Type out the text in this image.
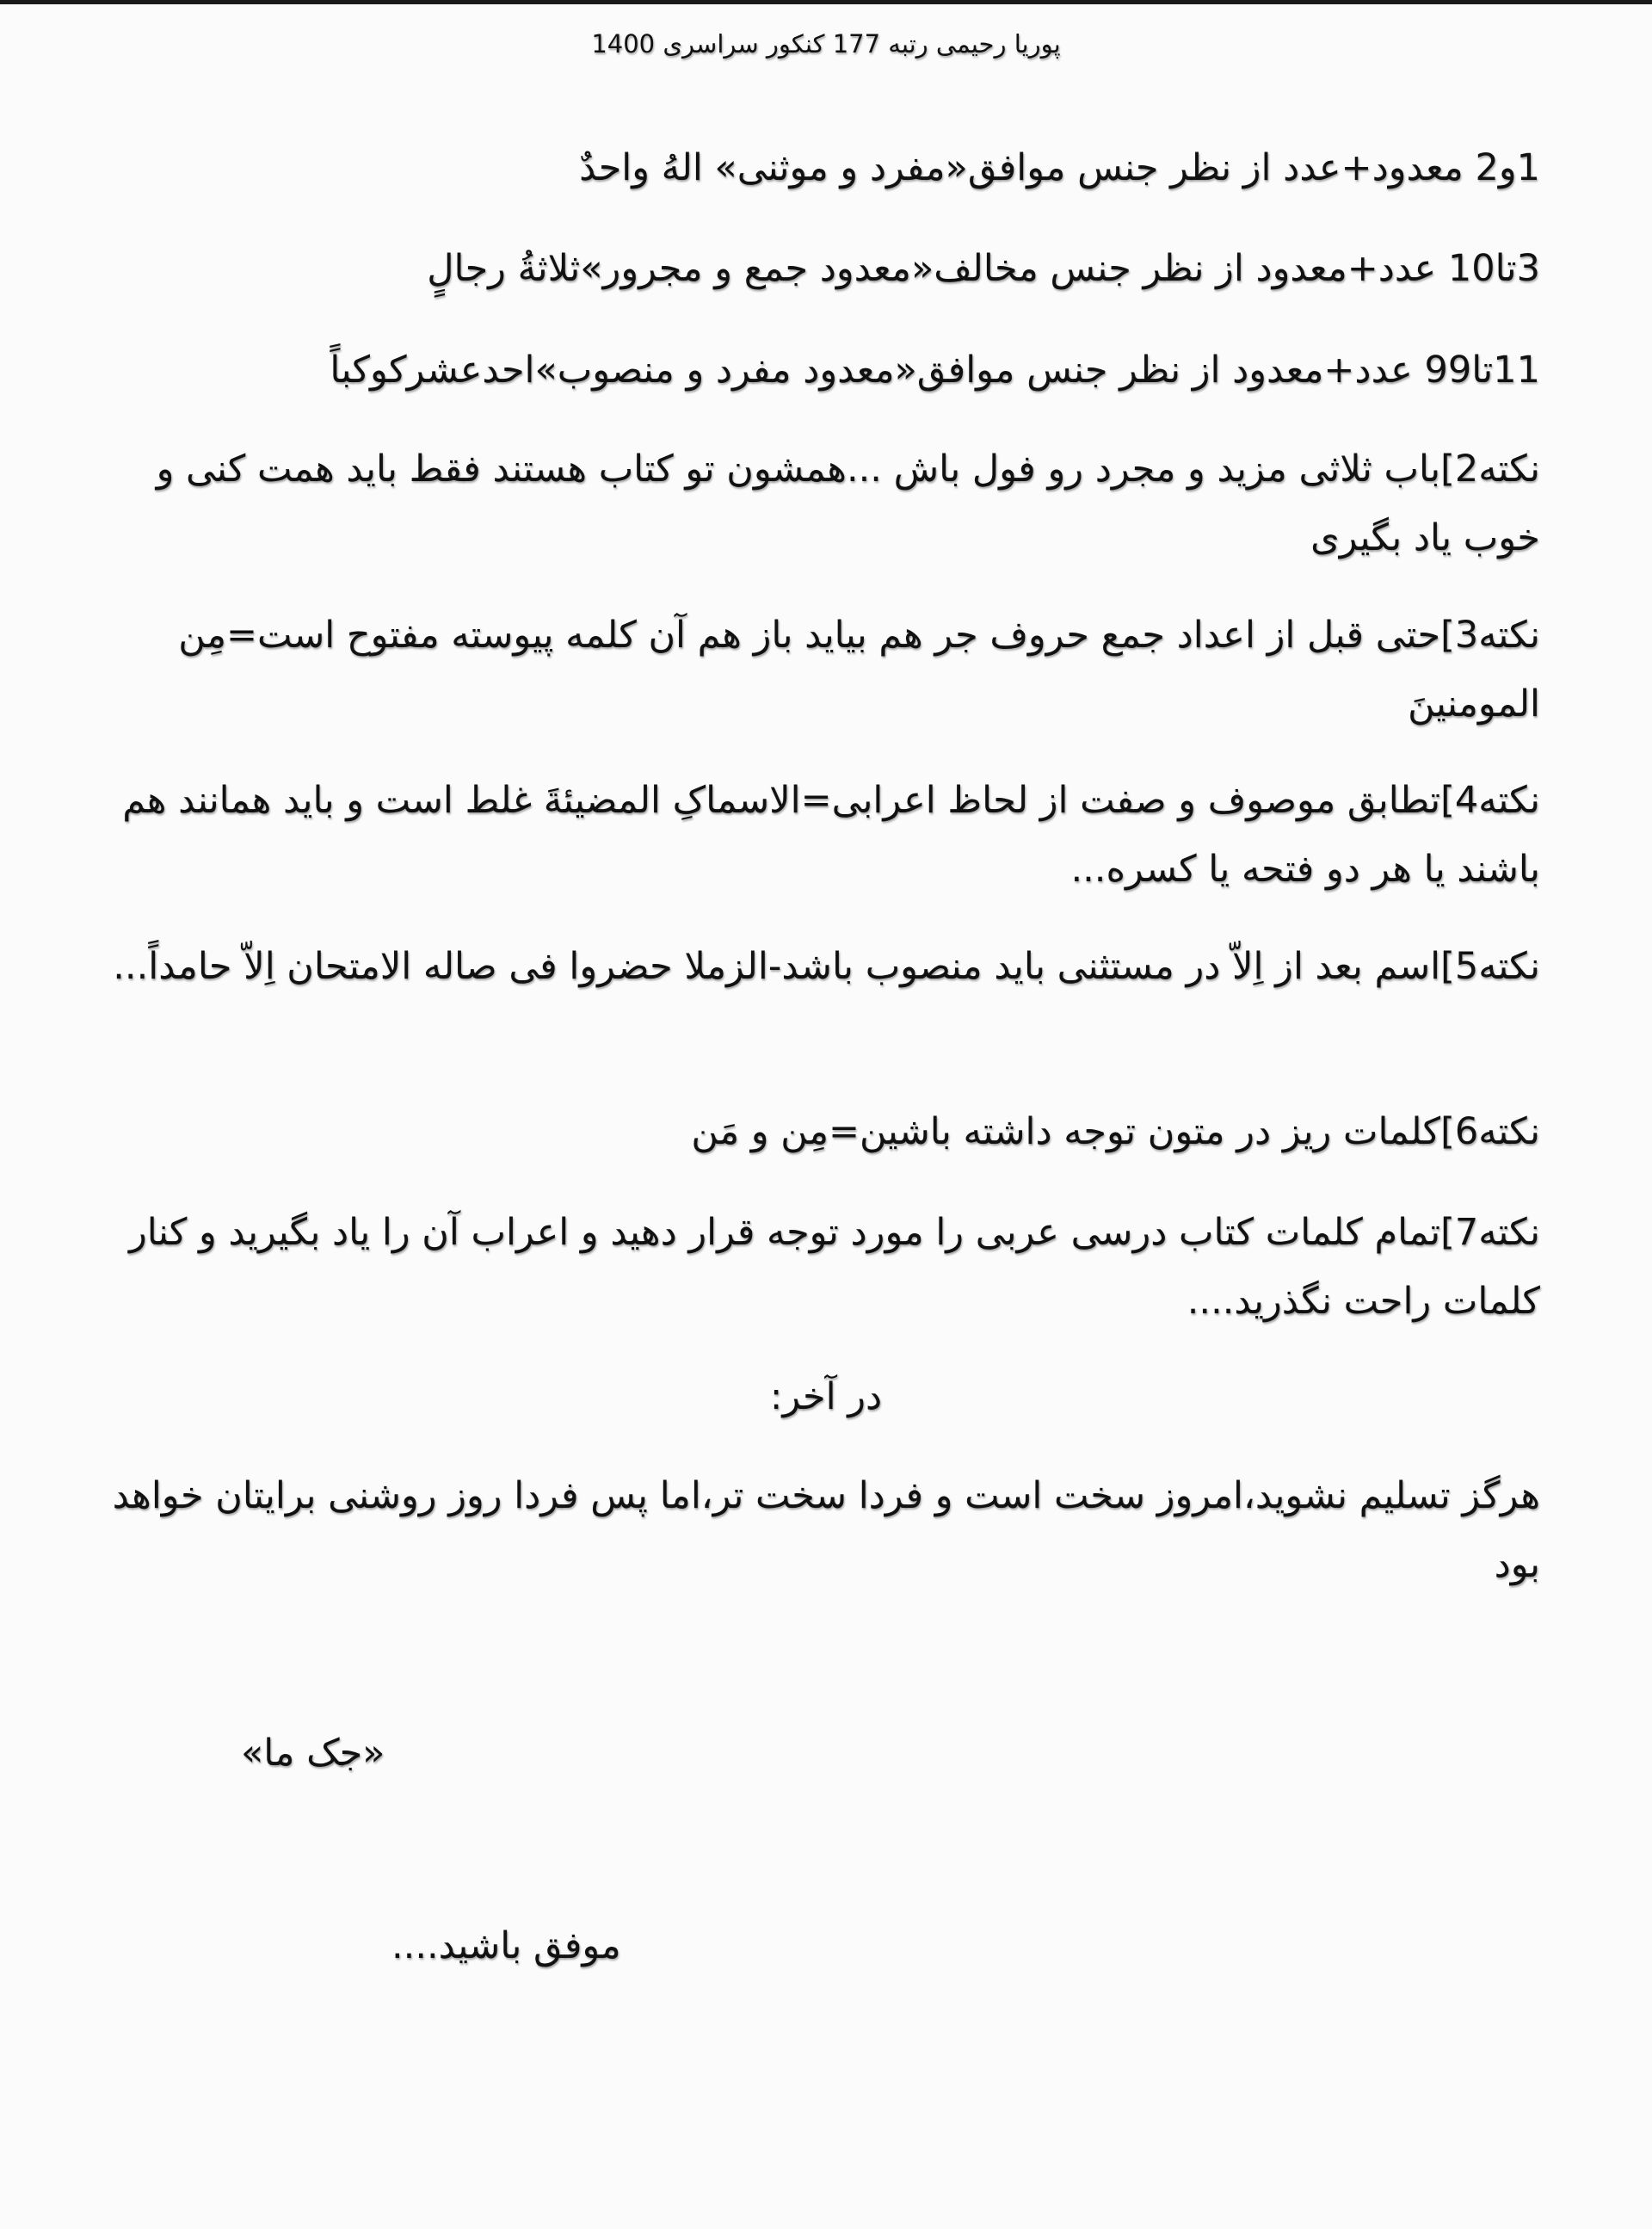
پوریا رحیمی رتبه 177 کنکور سراسری 1400
1و2 معدود+عدد از نظر جنس موافق«مفرد و موثنی» الهُ واحدٌ
3تا10 عدد+معدود از نظر جنس مخالف«معدود جمع و مجرور»ثلاثةُ رجالٍ
11تا99 عدد+معدود از نظر جنس موافق«معدود مفرد و منصوب»احدعشرکوکباً
نکته2]باب ثلاثی مزید و مجرد رو فول باش ...همشون تو کتاب هستند فقط باید همت کنی و خوب یاد بگیری
نکته3]حتی قبل از اعداد جمع حروف جر هم بیاید باز هم آن کلمه پیوسته مفتوح است=مِن المومنینَ
نکته4]تطابق موصوف و صفت از لحاظ اعرابی=الاسماکِ المضیئةَ غلط است و باید همانند هم باشند یا هر دو فتحه یا کسره...
نکته5]اسم بعد از اِلاّ در مستثنی باید منصوب باشد-الزملا حضروا فی صاله الامتحان اِلاّ حامداً...
نکته6]کلمات ریز در متون توجه داشته باشین=مِن و مَن
نکته7]تمام کلمات کتاب درسی عربی را مورد توجه قرار دهید و اعراب آن را یاد بگیرید و کنار کلمات راحت نگذرید....
در آخر:
هرگز تسلیم نشوید،امروز سخت است و فردا سخت تر،اما پس فردا روز روشنی برایتان خواهد بود
«جک ما»
موفق باشید....
